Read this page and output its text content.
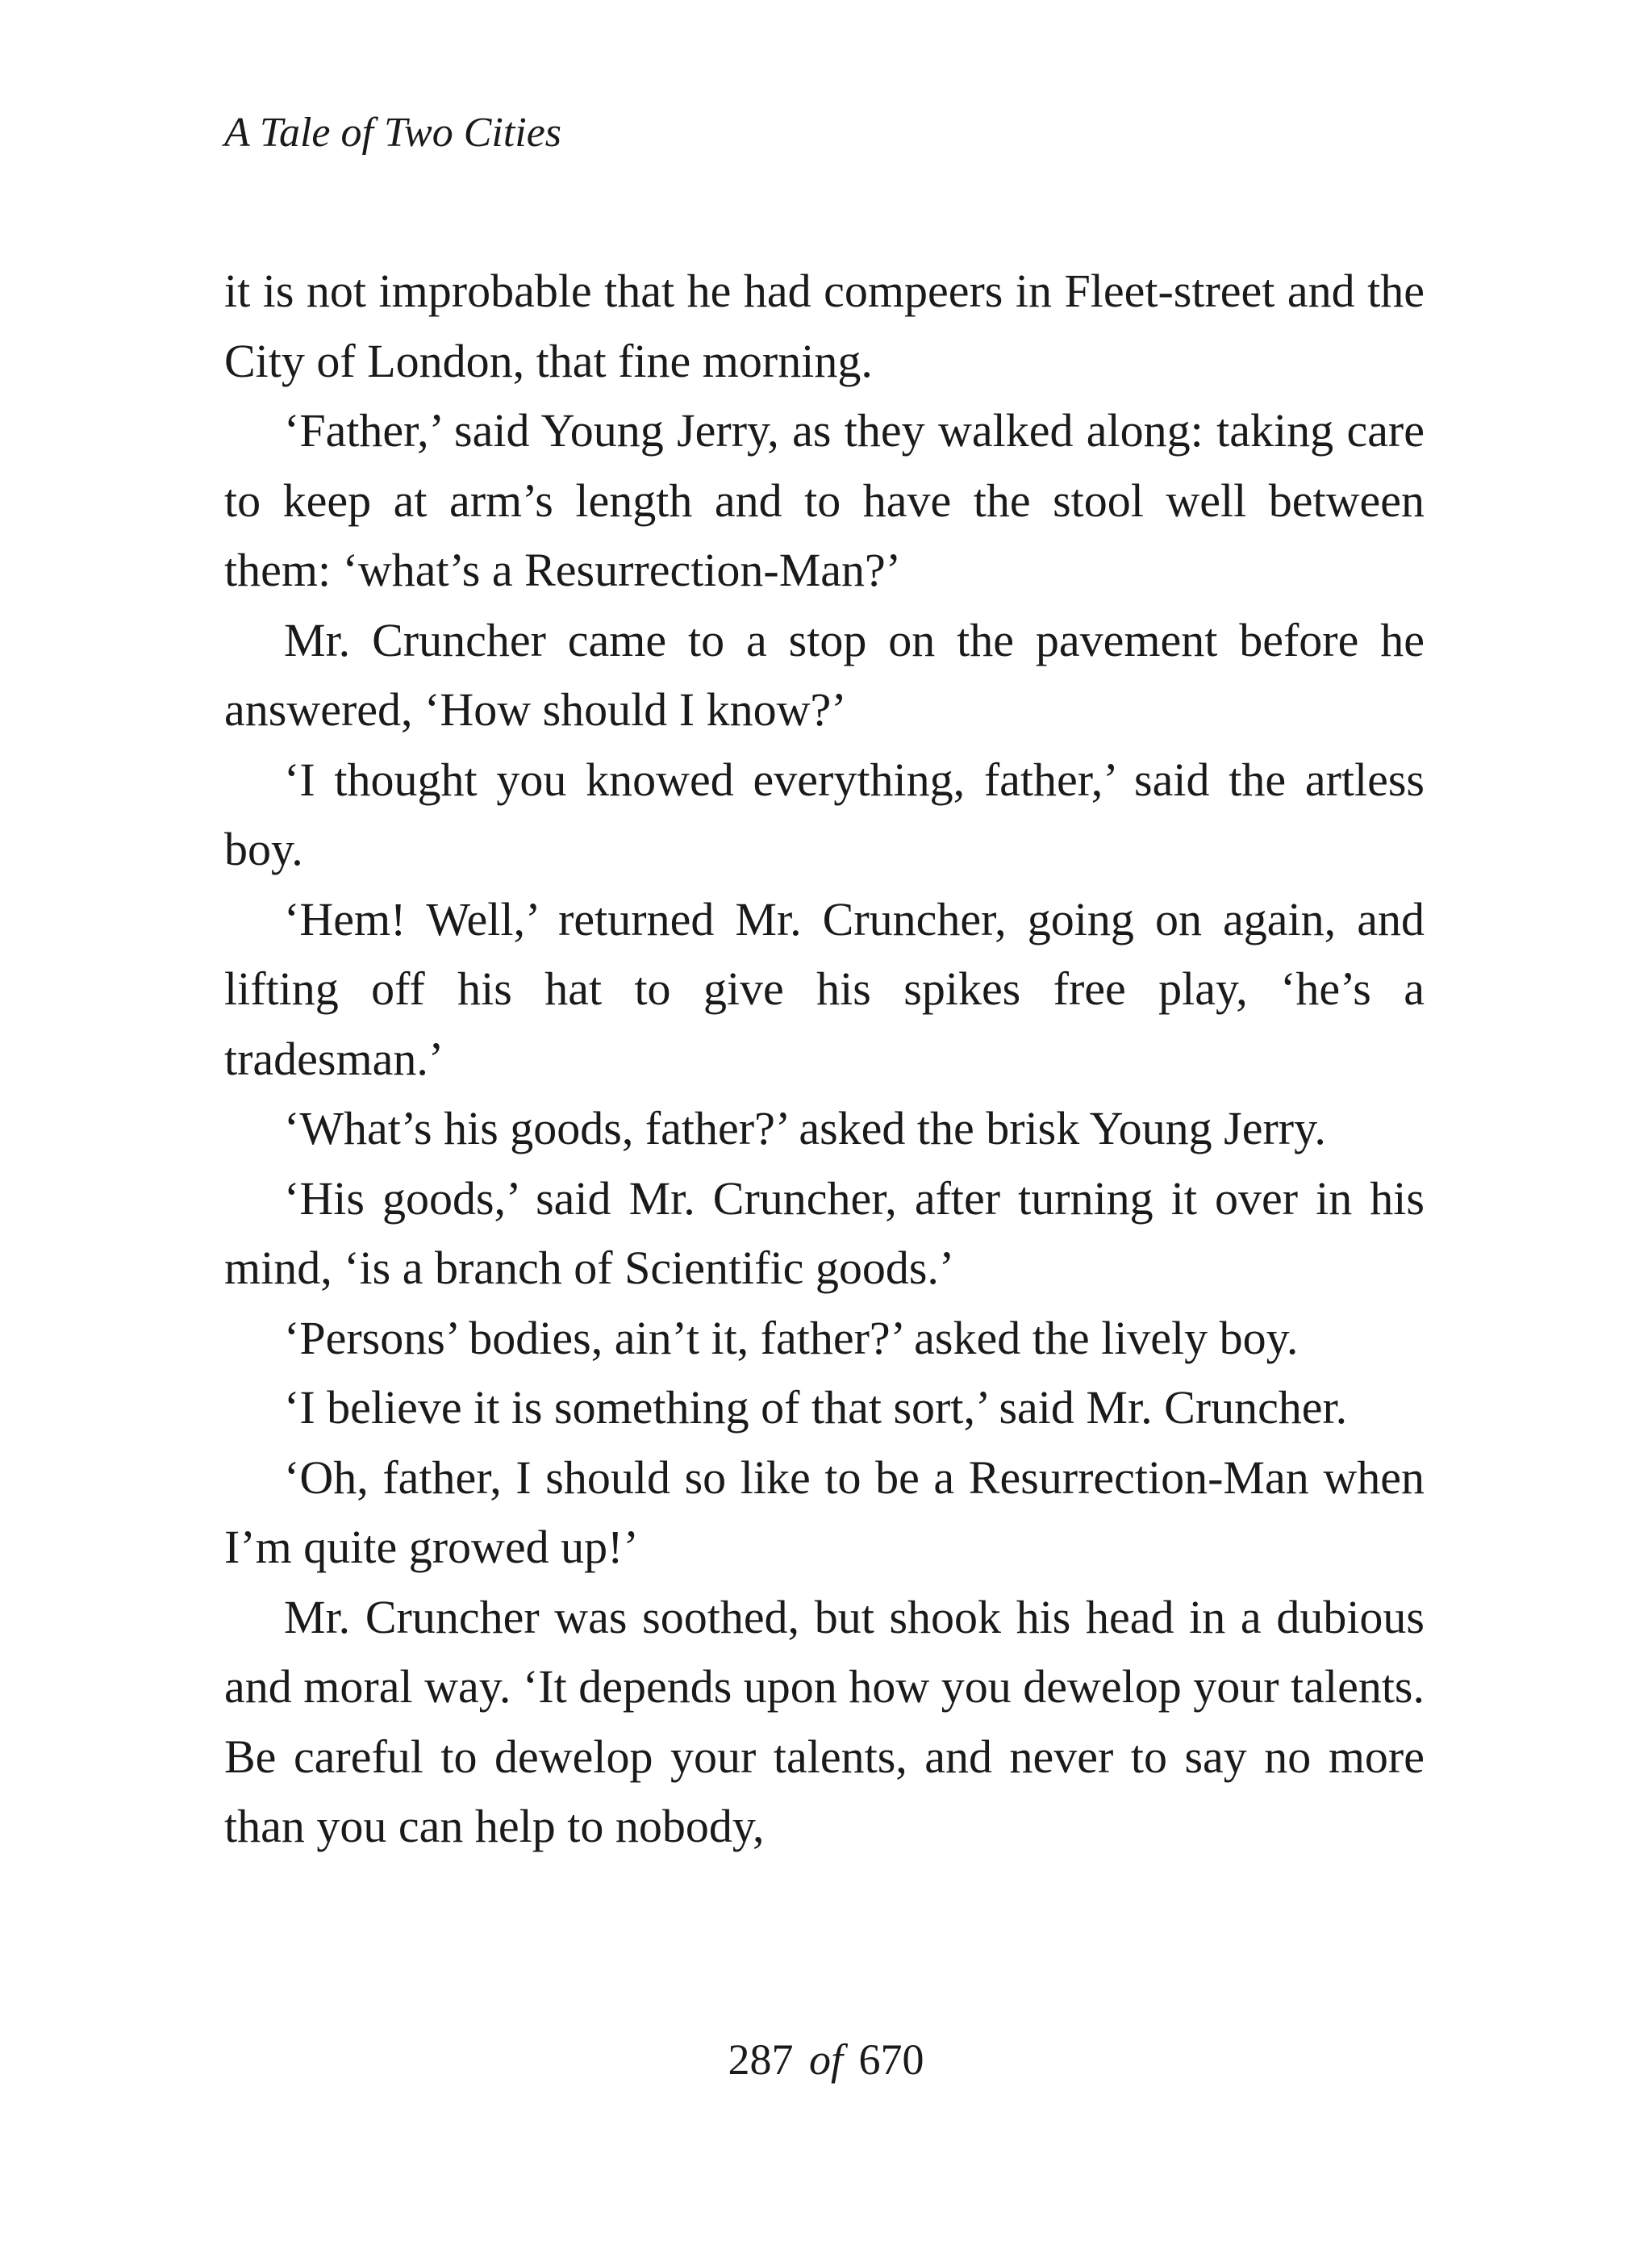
A Tale of Two Cities

it is not improbable that he had compeers in Fleet-street and the City of London, that fine morning.

‘Father,’ said Young Jerry, as they walked along: taking care to keep at arm’s length and to have the stool well between them: ‘what’s a Resurrection-Man?’

Mr. Cruncher came to a stop on the pavement before he answered, ‘How should I know?’

‘I thought you knowed everything, father,’ said the artless boy.

‘Hem! Well,’ returned Mr. Cruncher, going on again, and lifting off his hat to give his spikes free play, ‘he’s a tradesman.’

‘What’s his goods, father?’ asked the brisk Young Jerry.

‘His goods,’ said Mr. Cruncher, after turning it over in his mind, ‘is a branch of Scientific goods.’

‘Persons’ bodies, ain’t it, father?’ asked the lively boy.

‘I believe it is something of that sort,’ said Mr. Cruncher.

‘Oh, father, I should so like to be a Resurrection-Man when I’m quite growed up!’

Mr. Cruncher was soothed, but shook his head in a dubious and moral way. ‘It depends upon how you dewelop your talents. Be careful to dewelop your talents, and never to say no more than you can help to nobody,

287 of 670
